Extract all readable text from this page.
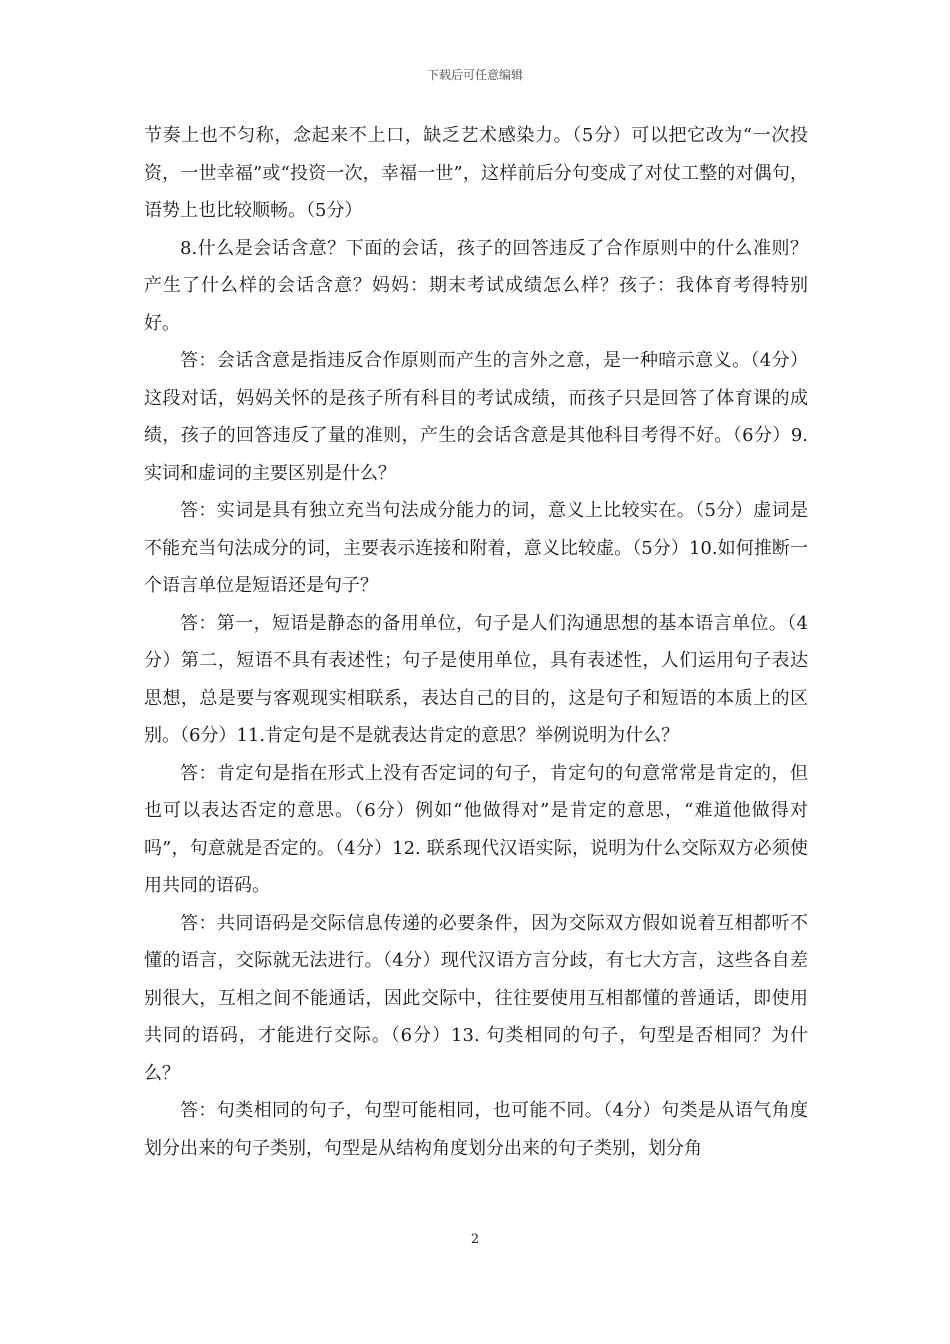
下载后可任意编辑

节奏上也不匀称，念起来不上口，缺乏艺术感染力。（5分）可以把它改为“一次投资，一世幸福”或“投资一次，幸福一世”，这样前后分句变成了对仗工整的对偶句，语势上也比较顺畅。（5分）

8.什么是会话含意？下面的会话，孩子的回答违反了合作原则中的什么准则？产生了什么样的会话含意？妈妈：期末考试成绩怎么样？孩子：我体育考得特别好。

答：会话含意是指违反合作原则而产生的言外之意，是一种暗示意义。（4分）这段对话，妈妈关怀的是孩子所有科目的考试成绩，而孩子只是回答了体育课的成绩，孩子的回答违反了量的准则，产生的会话含意是其他科目考得不好。（6分）9. 实词和虚词的主要区别是什么？

答：实词是具有独立充当句法成分能力的词，意义上比较实在。（5分）虚词是不能充当句法成分的词，主要表示连接和附着，意义比较虚。（5分）10.如何推断一个语言单位是短语还是句子？

答：第一，短语是静态的备用单位，句子是人们沟通思想的基本语言单位。（4分）第二，短语不具有表述性；句子是使用单位，具有表述性，人们运用句子表达思想，总是要与客观现实相联系，表达自己的目的，这是句子和短语的本质上的区别。（6分）11.肯定句是不是就表达肯定的意思？举例说明为什么？

答：肯定句是指在形式上没有否定词的句子，肯定句的句意常常是肯定的，但也可以表达否定的意思。（6分）例如“他做得对”是肯定的意思，“难道他做得对吗”，句意就是否定的。（4分）12. 联系现代汉语实际，说明为什么交际双方必须使用共同的语码。

答：共同语码是交际信息传递的必要条件，因为交际双方假如说着互相都听不懂的语言，交际就无法进行。（4分）现代汉语方言分歧，有七大方言，这些各自差别很大，互相之间不能通话，因此交际中，往往要使用互相都懂的普通话，即使用共同的语码，才能进行交际。（6分）13. 句类相同的句子，句型是否相同？为什么？

答：句类相同的句子，句型可能相同，也可能不同。（4分）句类是从语气角度划分出来的句子类别，句型是从结构角度划分出来的句子类别，划分角

2
